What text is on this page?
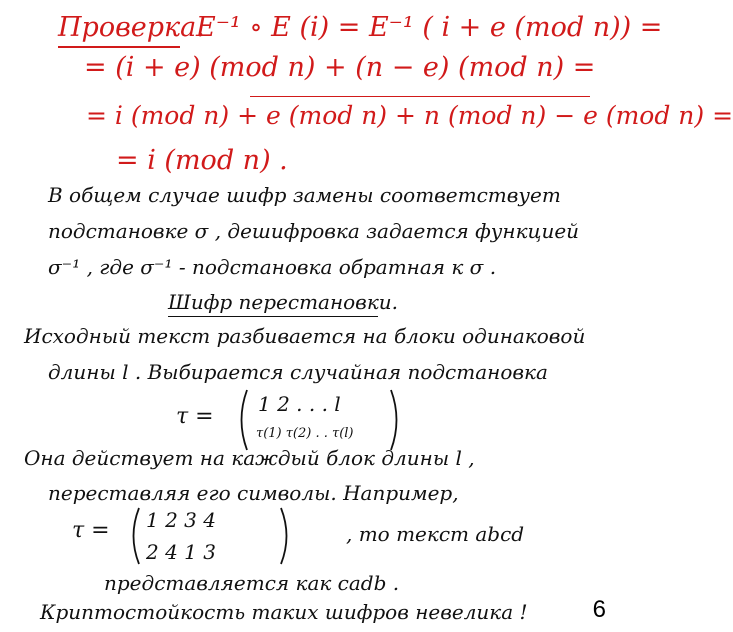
Проверка.
E⁻¹ ∘ E (i) = E⁻¹ ( i + e (mod n)) =
= (i + e) (mod n) + (n − e) (mod n) =
= i (mod n) + e (mod n) + n (mod n) − e (mod n) =
= i (mod n) .
В общем случае шифр замены соответствует
подстановке σ , дешифровка задается функцией
σ⁻¹ , где σ⁻¹ - подстановка обратная к σ .
Шифр перестановки.
Исходный текст разбивается на блоки одинаковой
длины l . Выбирается случайная подстановка
τ = 1 2 . . . l
τ(1) τ(2) . . τ(l)
Она действует на каждый блок длины l ,
переставляя его символы. Например,
τ = 1 2 3 4
2 4 1 3
, то текст abcd
представляется как cadb .
Криптостойкость таких шифров невелика !	6
